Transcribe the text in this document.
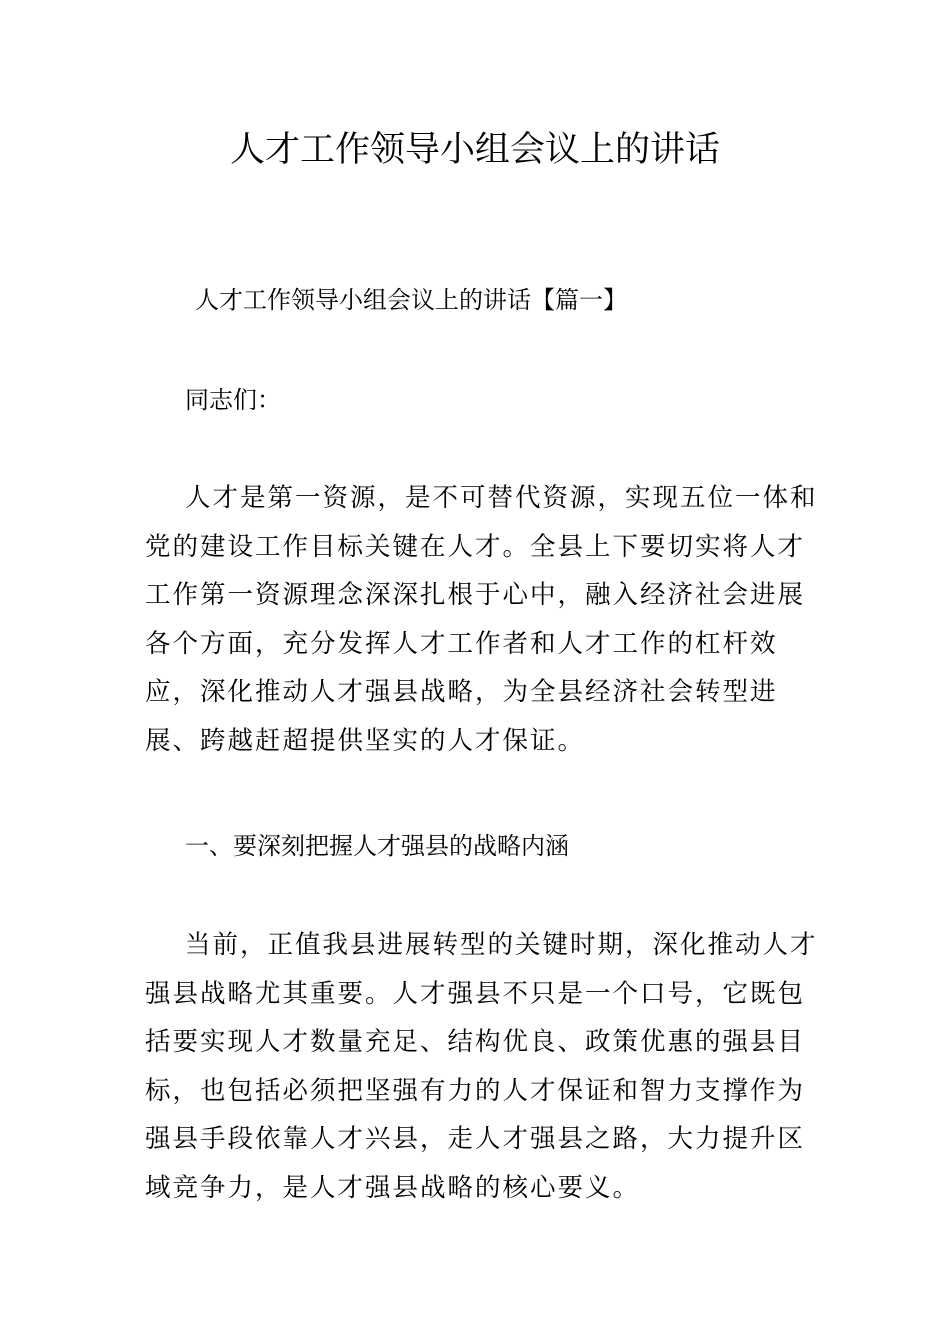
人才工作领导小组会议上的讲话

人才工作领导小组会议上的讲话【篇一】

同志们：

人才是第一资源，是不可替代资源，实现五位一体和党的建设工作目标关键在人才。全县上下要切实将人才工作第一资源理念深深扎根于心中，融入经济社会进展各个方面，充分发挥人才工作者和人才工作的杠杆效应，深化推动人才强县战略，为全县经济社会转型进展、跨越赶超提供坚实的人才保证。

一、要深刻把握人才强县的战略内涵

当前，正值我县进展转型的关键时期，深化推动人才强县战略尤其重要。人才强县不只是一个口号，它既包括要实现人才数量充足、结构优良、政策优惠的强县目标，也包括必须把坚强有力的人才保证和智力支撑作为强县手段依靠人才兴县，走人才强县之路，大力提升区域竞争力，是人才强县战略的核心要义。
